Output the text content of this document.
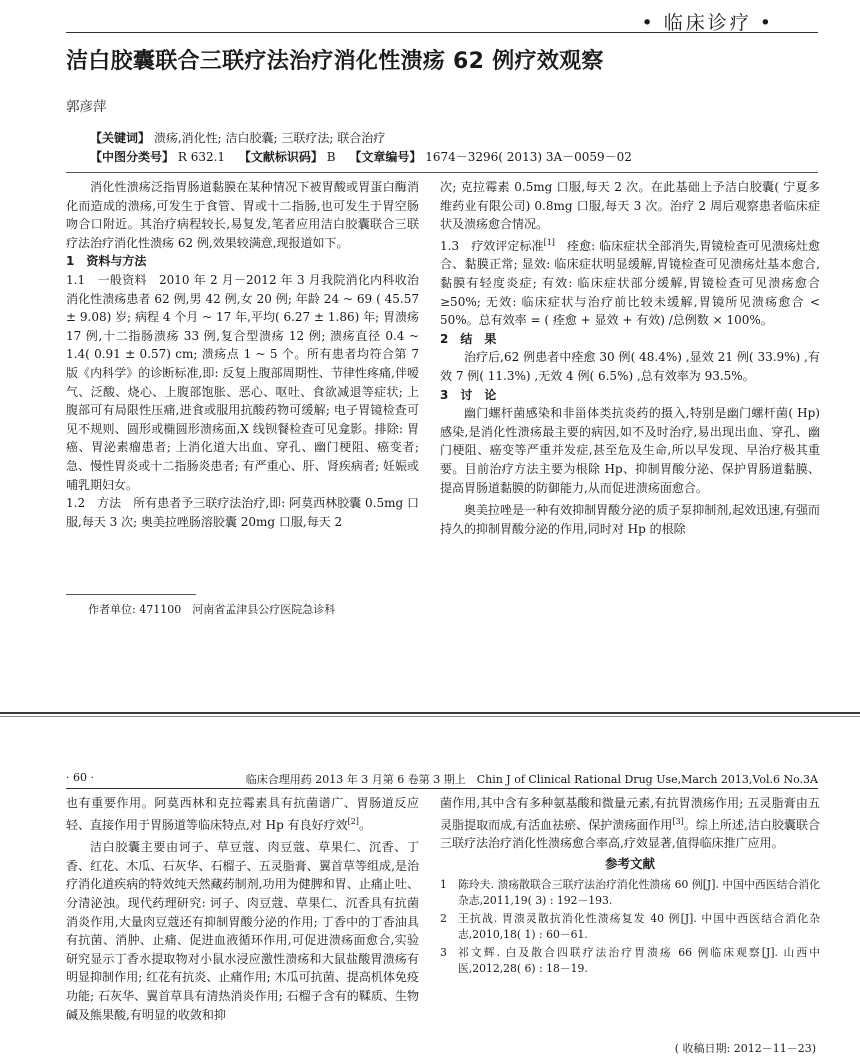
• 临床诊疗 •
洁白胶囊联合三联疗法治疗消化性溃疡 62 例疗效观察
郭彦萍
【关键词】 溃疡,消化性; 洁白胶囊; 三联疗法; 联合治疗
【中图分类号】 R 632.1 【文献标识码】 B 【文章编号】 1674－3296( 2013) 3A－0059－02

消化性溃疡泛指胃肠道黏膜在某种情况下被胃酸或胃蛋白酶消化而造成的溃疡,可发生于食管、胃或十二指肠,也可发生于胃空肠吻合口附近。其治疗病程较长,易复发,笔者应用洁白胶囊联合三联疗法治疗消化性溃疡 62 例,效果较满意,现报道如下。

1　资料与方法

1.1　一般资料　2010 年 2 月－2012 年 3 月我院消化内科收治消化性溃疡患者 62 例,男 42 例,女 20 例; 年龄 24 ~ 69 ( 45.57 ± 9.08) 岁; 病程 4 个月 ~ 17 年,平均( 6.27 ± 1.86) 年; 胃溃疡 17 例,十二指肠溃疡 33 例,复合型溃疡 12 例; 溃疡直径 0.4 ~ 1.4( 0.91 ± 0.57) cm; 溃疡点 1 ~ 5 个。所有患者均符合第 7 版《内科学》的诊断标准,即: 反复上腹部周期性、节律性疼痛,伴嗳气、泛酸、烧心、上腹部饱胀、恶心、呕吐、食欲减退等症状; 上腹部可有局限性压痛,进食或服用抗酸药物可缓解; 电子胃镜检查可见不规则、圆形或椭圆形溃疡面,X 线钡餐检查可见龛影。排除: 胃癌、胃泌素瘤患者; 上消化道大出血、穿孔、幽门梗阻、癌变者; 急、慢性胃炎或十二指肠炎患者; 有严重心、肝、肾疾病者; 妊娠或哺乳期妇女。

1.2　方法　所有患者予三联疗法治疗,即: 阿莫西林胶囊 0.5mg 口服,每天 3 次; 奥美拉唑肠溶胶囊 20mg 口服,每天 2

次; 克拉霉素 0.5mg 口服,每天 2 次。在此基础上予洁白胶囊( 宁夏多维药业有限公司) 0.8mg 口服,每天 3 次。治疗 2 周后观察患者临床症状及溃疡愈合情况。

1.3　疗效评定标准[1]　痊愈: 临床症状全部消失,胃镜检查可见溃疡灶愈合、黏膜正常; 显效: 临床症状明显缓解,胃镜检查可见溃疡灶基本愈合,黏膜有轻度炎症; 有效: 临床症状部分缓解,胃镜检查可见溃疡愈合≥50%; 无效: 临床症状与治疗前比较未缓解,胃镜所见溃疡愈合 < 50%。总有效率 = ( 痊愈 + 显效 + 有效) /总例数 × 100%。

2　结　果

治疗后,62 例患者中痊愈 30 例( 48.4%) ,显效 21 例( 33.9%) ,有效 7 例( 11.3%) ,无效 4 例( 6.5%) ,总有效率为 93.5%。

3　讨　论

幽门螺杆菌感染和非甾体类抗炎药的摄入,特别是幽门螺杆菌( Hp) 感染,是消化性溃疡最主要的病因,如不及时治疗,易出现出血、穿孔、幽门梗阻、癌变等严重并发症,甚至危及生命,所以早发现、早治疗极其重要。目前治疗方法主要为根除 Hp、抑制胃酸分泌、保护胃肠道黏膜、提高胃肠道黏膜的防御能力,从而促进溃疡面愈合。

奥美拉唑是一种有效抑制胃酸分泌的质子泵抑制剂,起效迅速,有强而持久的抑制胃酸分泌的作用,同时对 Hp 的根除

作者单位: 471100　河南省孟津县公疗医院急诊科
· 60 ·	临床合理用药 2013 年 3 月第 6 卷第 3 期上　Chin J of Clinical Rational Drug Use,March 2013,Vol.6 No.3A

也有重要作用。阿莫西林和克拉霉素具有抗菌谱广、胃肠道反应轻、直接作用于胃肠道等临床特点,对 Hp 有良好疗效[2]。

洁白胶囊主要由诃子、草豆蔻、肉豆蔻、草果仁、沉香、丁香、红花、木瓜、石灰华、石榴子、五灵脂膏、翼首草等组成,是治疗消化道疾病的特效纯天然藏药制剂,功用为健脾和胃、止痛止吐、分清泌浊。现代药理研究: 诃子、肉豆蔻、草果仁、沉香具有抗菌消炎作用,大量肉豆蔻还有抑制胃酸分泌的作用; 丁香中的丁香油具有抗菌、消肿、止痛、促进血液循环作用,可促进溃疡面愈合,实验研究显示丁香水提取物对小鼠水浸应激性溃疡和大鼠盐酸胃溃疡有明显抑制作用; 红花有抗炎、止痛作用; 木瓜可抗菌、提高机体免疫功能; 石灰华、翼首草具有清热消炎作用; 石榴子含有的鞣质、生物碱及熊果酸,有明显的收敛和抑

菌作用,其中含有多种氨基酸和微量元素,有抗胃溃疡作用; 五灵脂膏由五灵脂提取而成,有活血祛瘀、保护溃疡面作用[3]。综上所述,洁白胶囊联合三联疗法治疗消化性溃疡愈合率高,疗效显著,值得临床推广应用。

参考文献
1	陈玲夫. 溃疡散联合三联疗法治疗消化性溃疡 60 例[J]. 中国中西医结合消化杂志,2011,19( 3) : 192－193.
2	王抗战. 胃溃灵散抗消化性溃疡复发 40 例[J]. 中国中西医结合消化杂志,2010,18( 1) : 60－61.
3	祁文辉. 白及散合四联疗法治疗胃溃疡 66 例临床观察[J]. 山西中医,2012,28( 6) : 18－19.
( 收稿日期: 2012－11－23)
